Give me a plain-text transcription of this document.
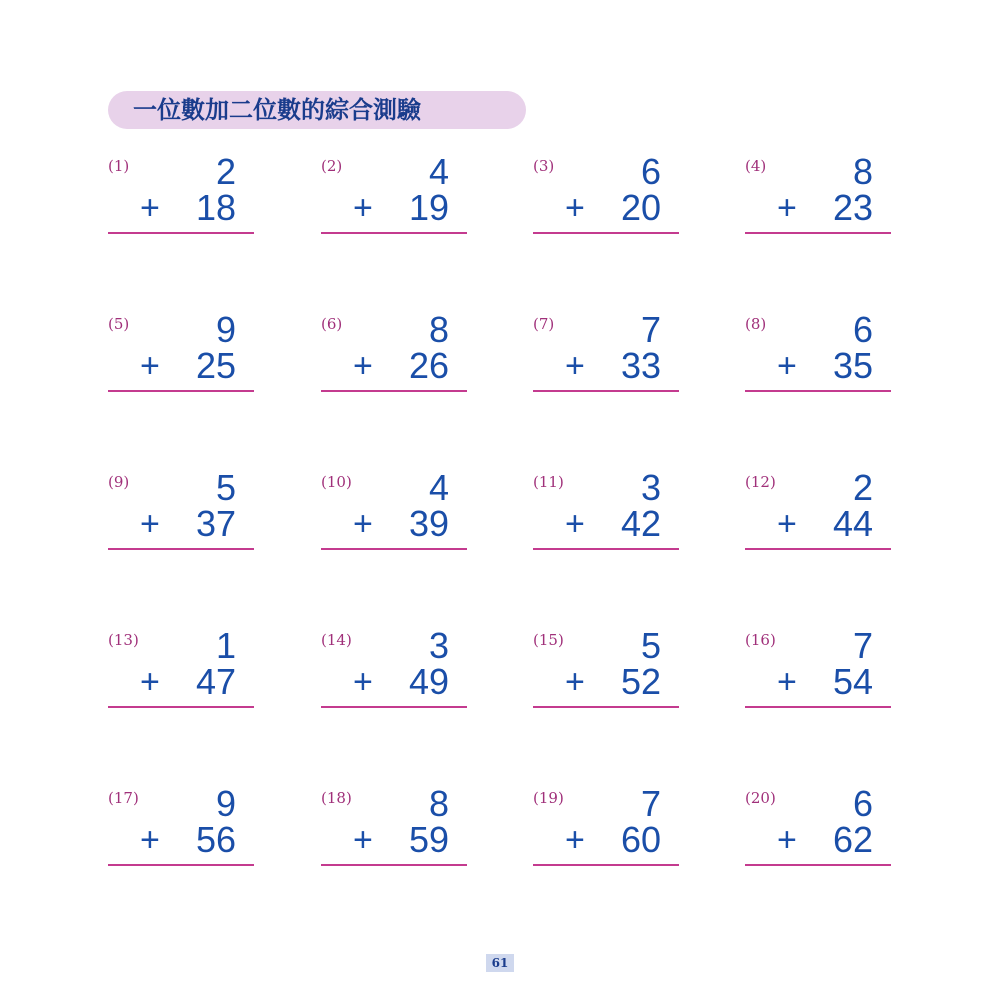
一位數加二位數的綜合測驗
(1) 2
+ 18
(2) 4
+ 19
(3) 6
+ 20
(4) 8
+ 23
(5) 9
+ 25
(6) 8
+ 26
(7) 7
+ 33
(8) 6
+ 35
(9) 5
+ 37
(10) 4
+ 39
(11) 3
+ 42
(12) 2
+ 44
(13) 1
+ 47
(14) 3
+ 49
(15) 5
+ 52
(16) 7
+ 54
(17) 9
+ 56
(18) 8
+ 59
(19) 7
+ 60
(20) 6
+ 62
61
